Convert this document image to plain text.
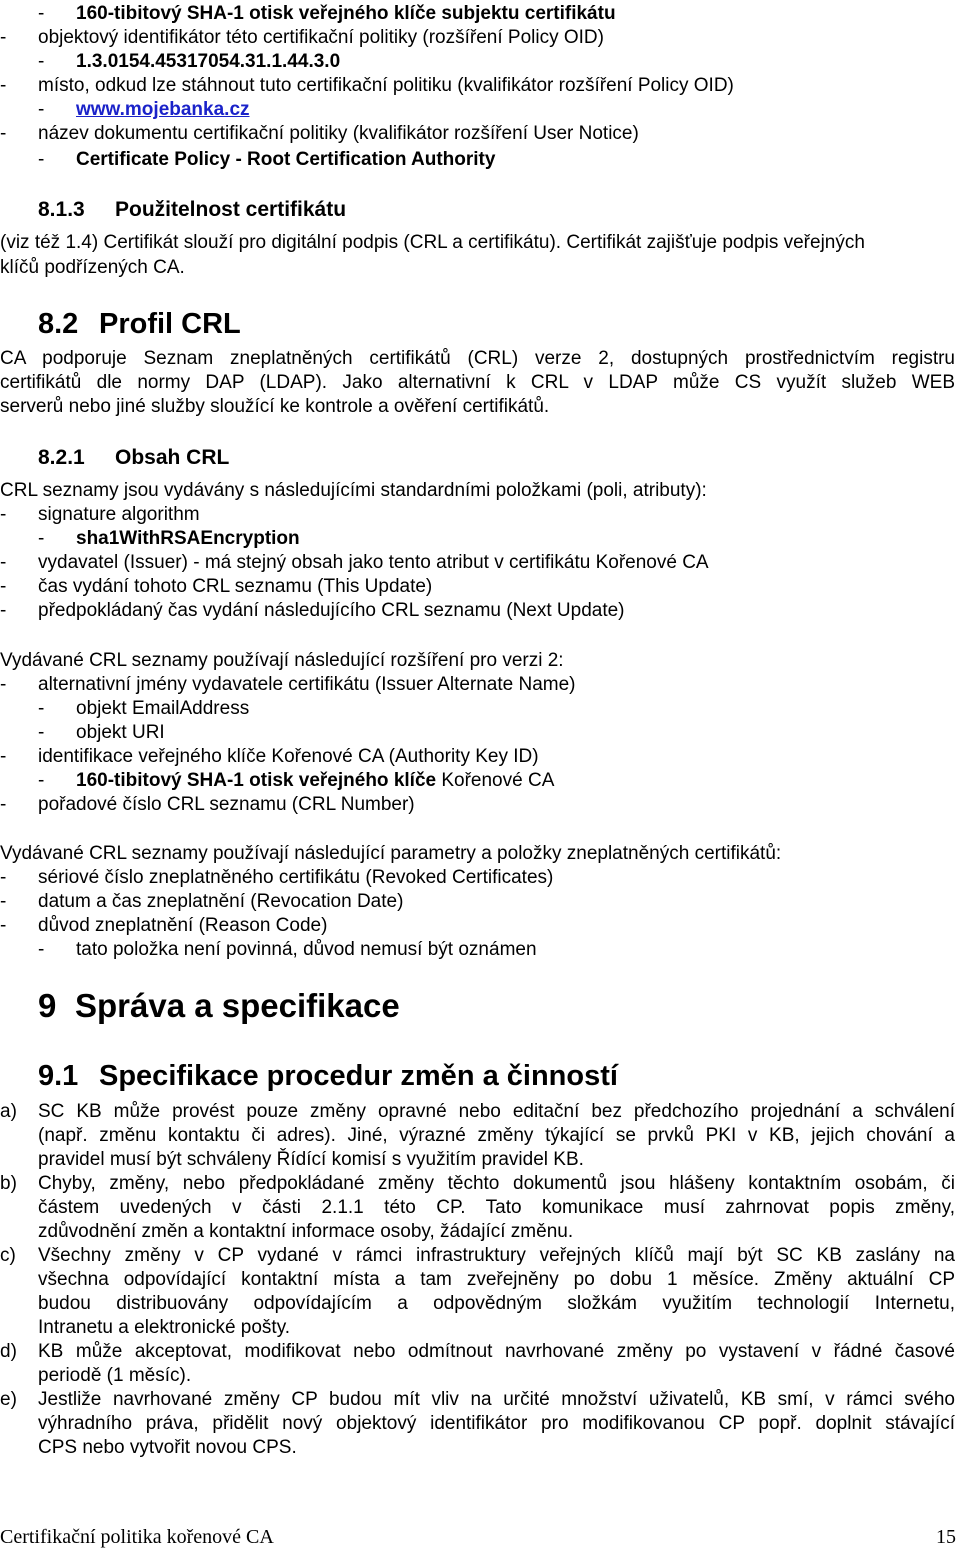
- 160-tibitový SHA-1 otisk veřejného klíče subjektu certifikátu
- objektový identifikátor této certifikační politiky (rozšíření Policy OID)
- 1.3.0154.45317054.31.1.44.3.0
- místo, odkud lze stáhnout tuto certifikační politiku (kvalifikátor rozšíření Policy OID)
- www.mojebanka.cz
- název dokumentu certifikační politiky (kvalifikátor rozšíření User Notice)
- Certificate Policy - Root Certification Authority
8.1.3 Použitelnost certifikátu
(viz též 1.4) Certifikát slouží pro digitální podpis (CRL a certifikátu). Certifikát zajišťuje podpis veřejných
klíčů podřízených CA.
8.2 Profil CRL
CA podporuje Seznam zneplatněných certifikátů (CRL) verze 2, dostupných prostřednictvím registru
certifikátů dle normy DAP (LDAP). Jako alternativní k CRL v LDAP může CS využít služeb WEB
serverů nebo jiné služby sloužící ke kontrole a ověření certifikátů.
8.2.1 Obsah CRL
CRL seznamy jsou vydávány s následujícími standardními položkami (poli, atributy):
- signature algorithm
- sha1WithRSAEncryption
- vydavatel (Issuer) - má stejný obsah jako tento atribut v certifikátu Kořenové CA
- čas vydání tohoto CRL seznamu (This Update)
- předpokládaný čas vydání následujícího CRL seznamu (Next Update)
Vydávané CRL seznamy používají následující rozšíření pro verzi 2:
- alternativní jmény vydavatele certifikátu (Issuer Alternate Name)
- objekt EmailAddress
- objekt URI
- identifikace veřejného klíče Kořenové CA (Authority Key ID)
- 160-tibitový SHA-1 otisk veřejného klíče Kořenové CA
- pořadové číslo CRL seznamu (CRL Number)
Vydávané CRL seznamy používají následující parametry a položky zneplatněných certifikátů:
- sériové číslo zneplatněného certifikátu (Revoked Certificates)
- datum a čas zneplatnění (Revocation Date)
- důvod zneplatnění (Reason Code)
- tato položka není povinná, důvod nemusí být oznámen
9 Správa a specifikace
9.1 Specifikace procedur změn a činností
a) SC KB může provést pouze změny opravné nebo editační bez předchozího projednání a schválení
(např. změnu kontaktu či adres). Jiné, výrazné změny týkající se prvků PKI v KB, jejich chování a
pravidel musí být schváleny Řídící komisí s využitím pravidel KB.
b) Chyby, změny, nebo předpokládané změny těchto dokumentů jsou hlášeny kontaktním osobám, či
částem uvedených v části 2.1.1 této CP. Tato komunikace musí zahrnovat popis změny,
zdůvodnění změn a kontaktní informace osoby, žádající změnu.
c) Všechny změny v CP vydané v rámci infrastruktury veřejných klíčů mají být SC KB zaslány na
všechna odpovídající kontaktní místa a tam zveřejněny po dobu 1 měsíce. Změny aktuální CP
budou distribuovány odpovídajícím a odpovědným složkám využitím technologií Internetu,
Intranetu a elektronické pošty.
d) KB může akceptovat, modifikovat nebo odmítnout navrhované změny po vystavení v řádné časové
periodě (1 měsíc).
e) Jestliže navrhované změny CP budou mít vliv na určité množství uživatelů, KB smí, v rámci svého
výhradního práva, přidělit nový objektový identifikátor pro modifikovanou CP popř. doplnit stávající
CPS nebo vytvořit novou CPS.
Certifikační politika kořenové CA	15
